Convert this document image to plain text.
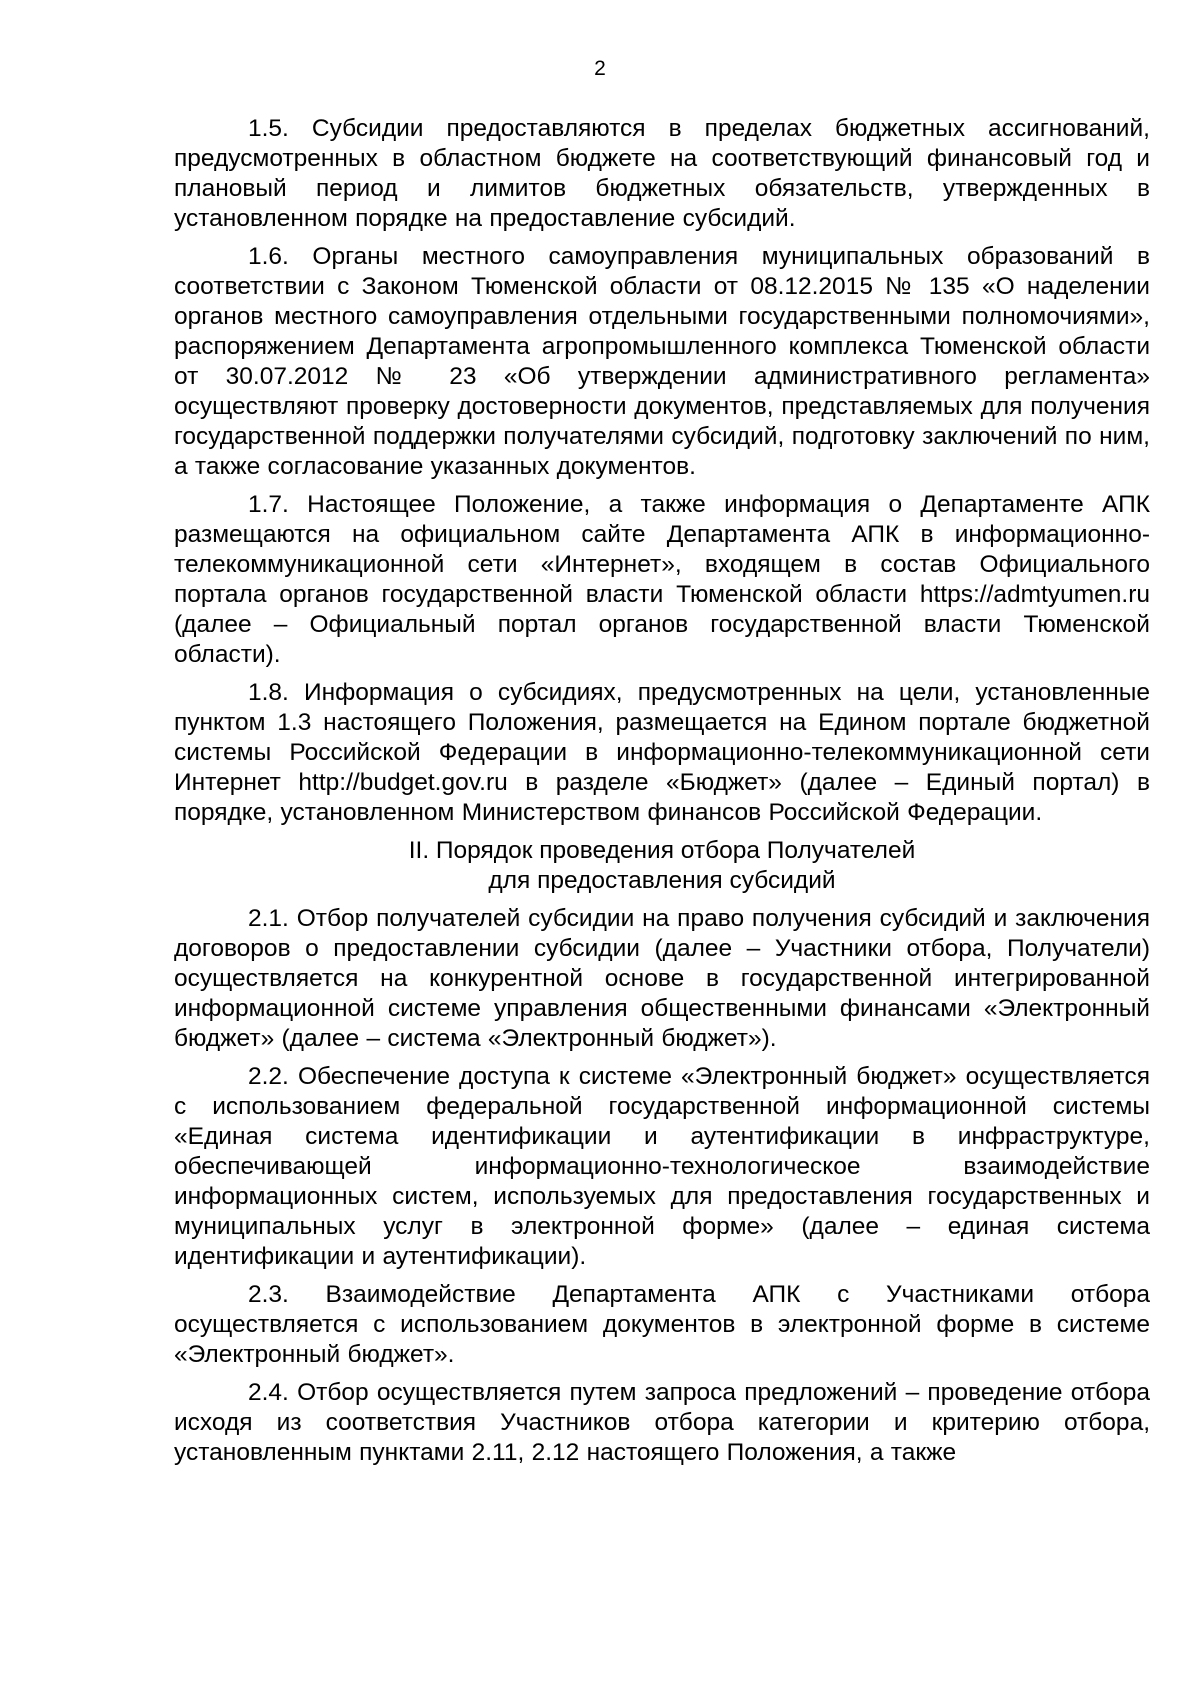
2

1.5. Субсидии предоставляются в пределах бюджетных ассигнований, предусмотренных в областном бюджете на соответствующий финансовый год и плановый период и лимитов бюджетных обязательств, утвержденных в установленном порядке на предоставление субсидий.

1.6. Органы местного самоуправления муниципальных образований в соответствии с Законом Тюменской области от 08.12.2015 № 135 «О наделении органов местного самоуправления отдельными государственными полномочиями», распоряжением Департамента агропромышленного комплекса Тюменской области от 30.07.2012 № 23 «Об утверждении административного регламента» осуществляют проверку достоверности документов, представляемых для получения государственной поддержки получателями субсидий, подготовку заключений по ним, а также согласование указанных документов.

1.7. Настоящее Положение, а также информация о Департаменте АПК размещаются на официальном сайте Департамента АПК в информационно-телекоммуникационной сети «Интернет», входящем в состав Официального портала органов государственной власти Тюменской области https://admtyumen.ru (далее – Официальный портал органов государственной власти Тюменской области).

1.8. Информация о субсидиях, предусмотренных на цели, установленные пунктом 1.3 настоящего Положения, размещается на Едином портале бюджетной системы Российской Федерации в информационно-телекоммуникационной сети Интернет http://budget.gov.ru в разделе «Бюджет» (далее – Единый портал) в порядке, установленном Министерством финансов Российской Федерации.

II. Порядок проведения отбора Получателей
для предоставления субсидий

2.1. Отбор получателей субсидии на право получения субсидий и заключения договоров о предоставлении субсидии (далее – Участники отбора, Получатели) осуществляется на конкурентной основе в государственной интегрированной информационной системе управления общественными финансами «Электронный бюджет» (далее – система «Электронный бюджет»).

2.2. Обеспечение доступа к системе «Электронный бюджет» осуществляется с использованием федеральной государственной информационной системы «Единая система идентификации и аутентификации в инфраструктуре, обеспечивающей информационно-технологическое взаимодействие информационных систем, используемых для предоставления государственных и муниципальных услуг в электронной форме» (далее – единая система идентификации и аутентификации).

2.3. Взаимодействие Департамента АПК с Участниками отбора осуществляется с использованием документов в электронной форме в системе «Электронный бюджет».

2.4. Отбор осуществляется путем запроса предложений – проведение отбора исходя из соответствия Участников отбора категории и критерию отбора, установленным пунктами 2.11, 2.12 настоящего Положения, а также
